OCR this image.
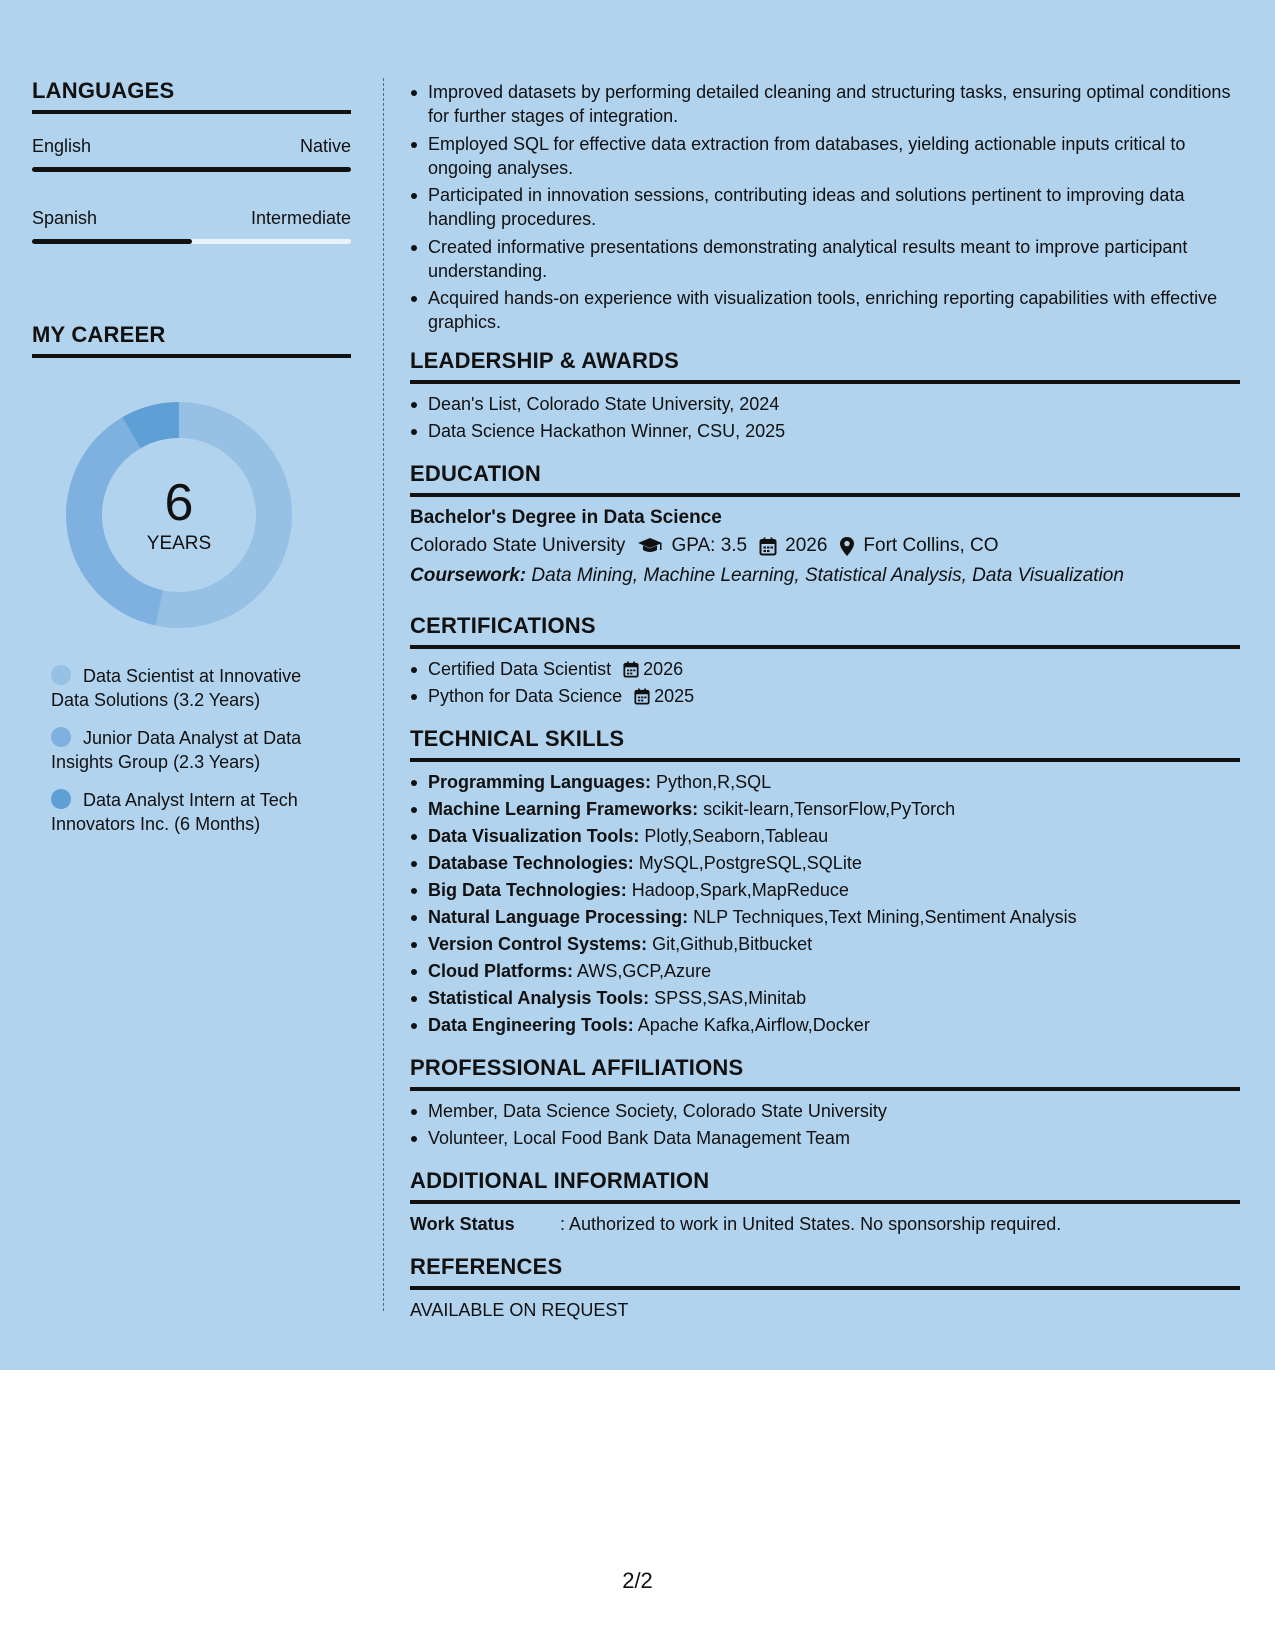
LANGUAGES
English	Native
Spanish	Intermediate
MY CAREER
6
YEARS
Data Scientist at Innovative Data Solutions (3.2 Years)
Junior Data Analyst at Data Insights Group (2.3 Years)
Data Analyst Intern at Tech Innovators Inc. (6 Months)
Improved datasets by performing detailed cleaning and structuring tasks, ensuring optimal conditions for further stages of integration.
Employed SQL for effective data extraction from databases, yielding actionable inputs critical to ongoing analyses.
Participated in innovation sessions, contributing ideas and solutions pertinent to improving data handling procedures.
Created informative presentations demonstrating analytical results meant to improve participant understanding.
Acquired hands-on experience with visualization tools, enriching reporting capabilities with effective graphics.
LEADERSHIP & AWARDS
Dean's List, Colorado State University, 2024
Data Science Hackathon Winner, CSU, 2025
EDUCATION
Bachelor's Degree in Data Science
Colorado State University GPA: 3.5 2026 Fort Collins, CO
Coursework: Data Mining, Machine Learning, Statistical Analysis, Data Visualization
CERTIFICATIONS
Certified Data Scientist 2026
Python for Data Science 2025
TECHNICAL SKILLS
Programming Languages: Python,R,SQL
Machine Learning Frameworks: scikit-learn,TensorFlow,PyTorch
Data Visualization Tools: Plotly,Seaborn,Tableau
Database Technologies: MySQL,PostgreSQL,SQLite
Big Data Technologies: Hadoop,Spark,MapReduce
Natural Language Processing: NLP Techniques,Text Mining,Sentiment Analysis
Version Control Systems: Git,Github,Bitbucket
Cloud Platforms: AWS,GCP,Azure
Statistical Analysis Tools: SPSS,SAS,Minitab
Data Engineering Tools: Apache Kafka,Airflow,Docker
PROFESSIONAL AFFILIATIONS
Member, Data Science Society, Colorado State University
Volunteer, Local Food Bank Data Management Team
ADDITIONAL INFORMATION
Work Status	: Authorized to work in United States. No sponsorship required.
REFERENCES
AVAILABLE ON REQUEST
2/2
